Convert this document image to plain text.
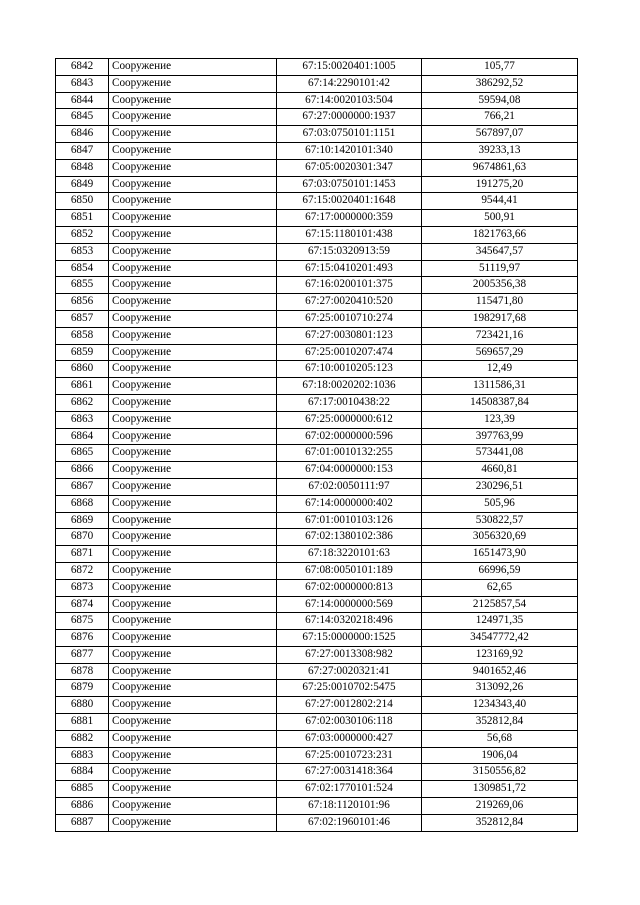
6842	Сооружение	67:15:0020401:1005	105,77
6843	Сооружение	67:14:2290101:42	386292,52
6844	Сооружение	67:14:0020103:504	59594,08
6845	Сооружение	67:27:0000000:1937	766,21
6846	Сооружение	67:03:0750101:1151	567897,07
6847	Сооружение	67:10:1420101:340	39233,13
6848	Сооружение	67:05:0020301:347	9674861,63
6849	Сооружение	67:03:0750101:1453	191275,20
6850	Сооружение	67:15:0020401:1648	9544,41
6851	Сооружение	67:17:0000000:359	500,91
6852	Сооружение	67:15:1180101:438	1821763,66
6853	Сооружение	67:15:0320913:59	345647,57
6854	Сооружение	67:15:0410201:493	51119,97
6855	Сооружение	67:16:0200101:375	2005356,38
6856	Сооружение	67:27:0020410:520	115471,80
6857	Сооружение	67:25:0010710:274	1982917,68
6858	Сооружение	67:27:0030801:123	723421,16
6859	Сооружение	67:25:0010207:474	569657,29
6860	Сооружение	67:10:0010205:123	12,49
6861	Сооружение	67:18:0020202:1036	1311586,31
6862	Сооружение	67:17:0010438:22	14508387,84
6863	Сооружение	67:25:0000000:612	123,39
6864	Сооружение	67:02:0000000:596	397763,99
6865	Сооружение	67:01:0010132:255	573441,08
6866	Сооружение	67:04:0000000:153	4660,81
6867	Сооружение	67:02:0050111:97	230296,51
6868	Сооружение	67:14:0000000:402	505,96
6869	Сооружение	67:01:0010103:126	530822,57
6870	Сооружение	67:02:1380102:386	3056320,69
6871	Сооружение	67:18:3220101:63	1651473,90
6872	Сооружение	67:08:0050101:189	66996,59
6873	Сооружение	67:02:0000000:813	62,65
6874	Сооружение	67:14:0000000:569	2125857,54
6875	Сооружение	67:14:0320218:496	124971,35
6876	Сооружение	67:15:0000000:1525	34547772,42
6877	Сооружение	67:27:0013308:982	123169,92
6878	Сооружение	67:27:0020321:41	9401652,46
6879	Сооружение	67:25:0010702:5475	313092,26
6880	Сооружение	67:27:0012802:214	1234343,40
6881	Сооружение	67:02:0030106:118	352812,84
6882	Сооружение	67:03:0000000:427	56,68
6883	Сооружение	67:25:0010723:231	1906,04
6884	Сооружение	67:27:0031418:364	3150556,82
6885	Сооружение	67:02:1770101:524	1309851,72
6886	Сооружение	67:18:1120101:96	219269,06
6887	Сооружение	67:02:1960101:46	352812,84
